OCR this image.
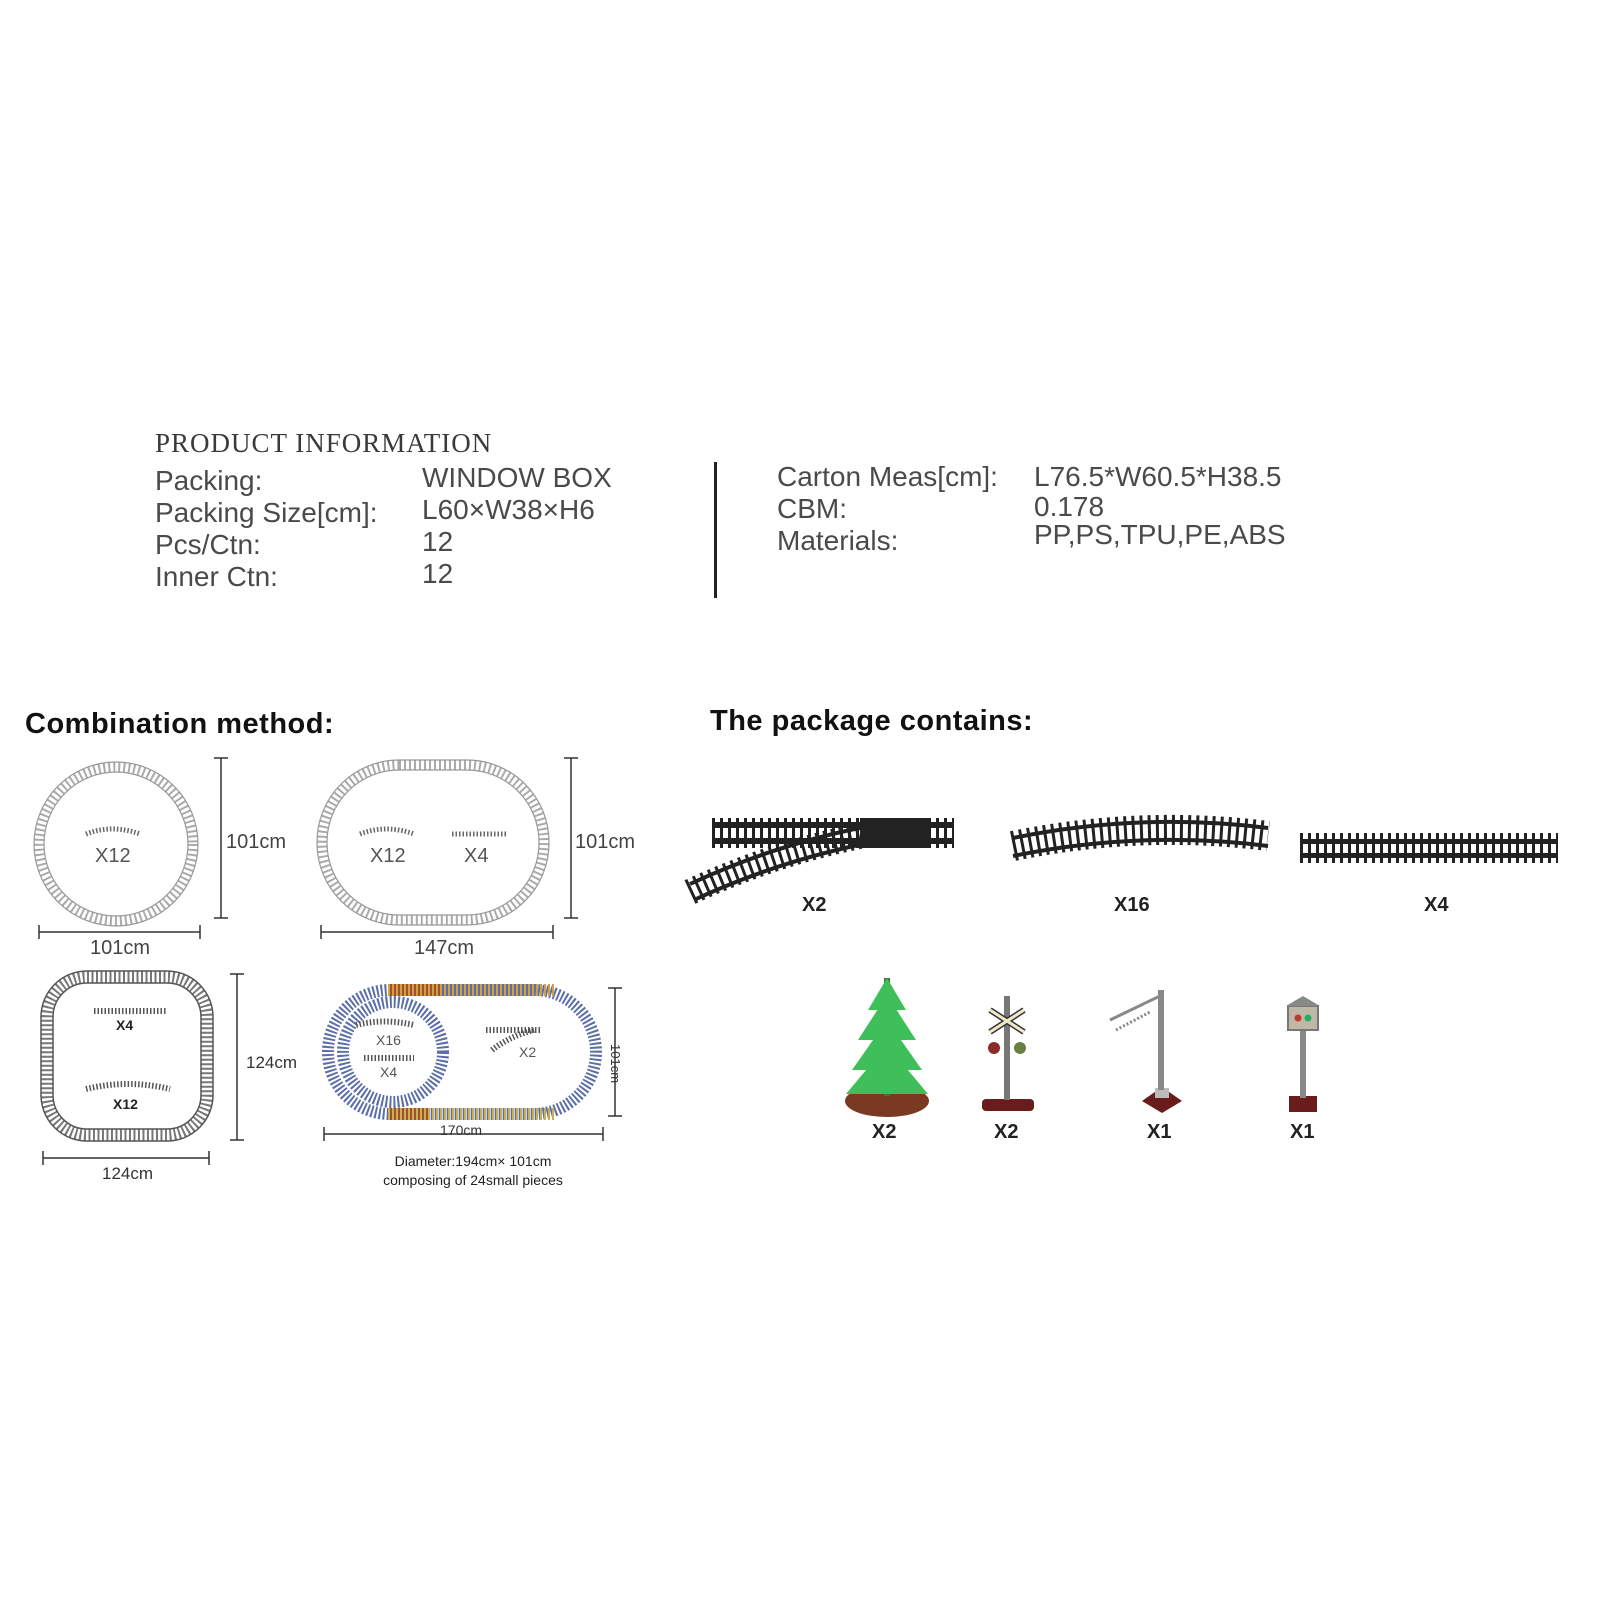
PRODUCT INFORMATION
Packing:	WINDOW BOX
Packing Size[cm]: L60×W38×H6
Pcs/Ctn:	12
Inner Ctn:	12
Carton Meas[cm]: L76.5*W60.5*H38.5
CBM:	0.178
Materials:	PP,PS,TPU,PE,ABS
Combination method:
X12
101cm
101cm
X12	X4
101cm
147cm
X4
X12
124cm
124cm
X16
X4
X2	101cm
170cm
Diameter:194cm× 101cm
composing of 24small pieces
The package contains:
X2	X16	X4
X2	X2	X1	X1
